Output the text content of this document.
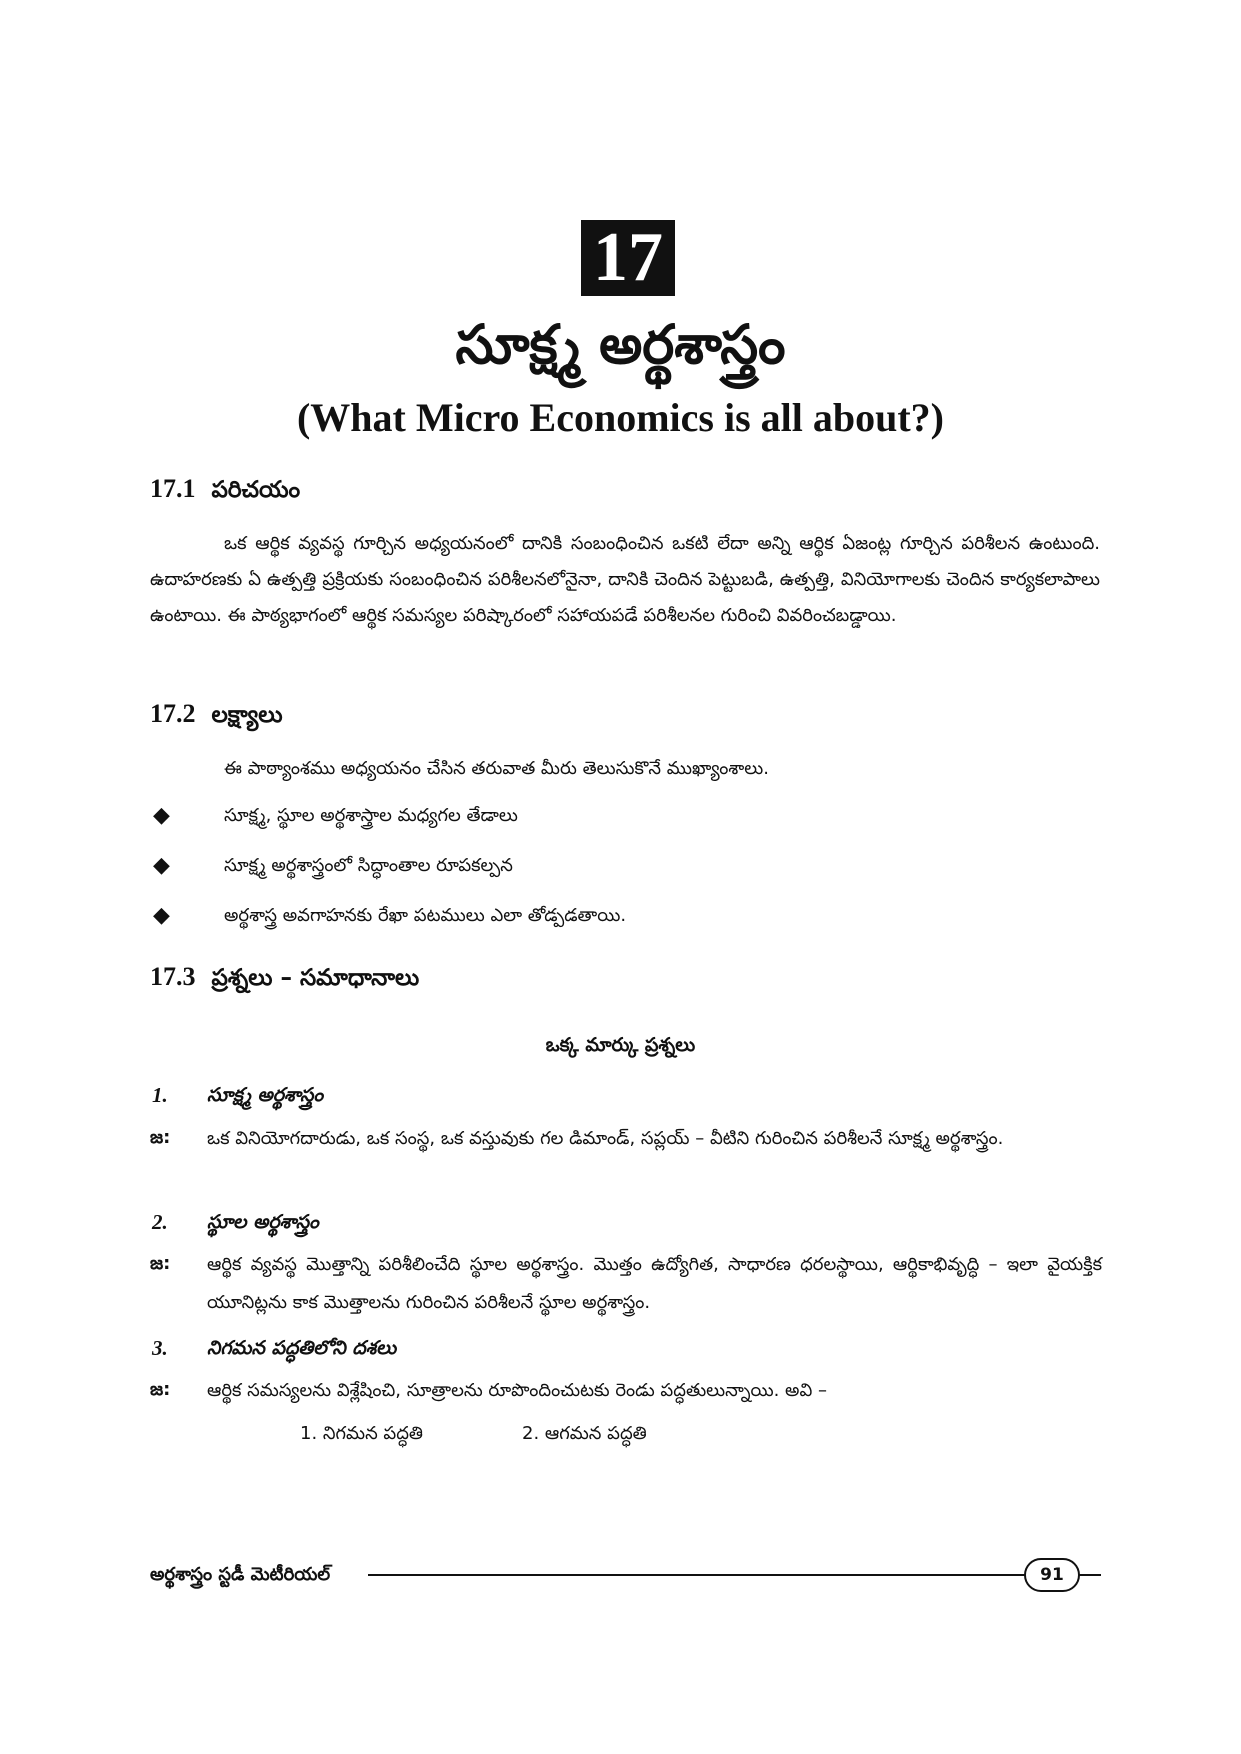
17
సూక్ష్మ అర్థశాస్త్రం
(What Micro Economics is all about?)
17.1 పరిచయం
ఒక ఆర్థిక వ్యవస్థ గూర్చిన అధ్యయనంలో దానికి సంబంధించిన ఒకటి లేదా అన్ని ఆర్థిక ఏజంట్ల గూర్చిన పరిశీలన ఉంటుంది. ఉదాహరణకు ఏ ఉత్పత్తి ప్రక్రియకు సంబంధించిన పరిశీలనలోనైనా, దానికి చెందిన పెట్టుబడి, ఉత్పత్తి, వినియోగాలకు చెందిన కార్యకలాపాలు ఉంటాయి. ఈ పాఠ్యభాగంలో ఆర్థిక సమస్యల పరిష్కారంలో సహాయపడే పరిశీలనల గురించి వివరించబడ్డాయి.
17.2 లక్ష్యాలు
ఈ పాఠ్యాంశము అధ్యయనం చేసిన తరువాత మీరు తెలుసుకొనే ముఖ్యాంశాలు.
◆	సూక్ష్మ, స్థూల అర్థశాస్త్రాల మధ్యగల తేడాలు
◆	సూక్ష్మ అర్థశాస్త్రంలో సిద్ధాంతాల రూపకల్పన
◆	అర్థశాస్త్ర అవగాహనకు రేఖా పటములు ఎలా తోడ్పడతాయి.
17.3 ప్రశ్నలు – సమాధానాలు
ఒక్క మార్కు ప్రశ్నలు
1. సూక్ష్మ అర్థశాస్త్రం
జ: ఒక వినియోగదారుడు, ఒక సంస్థ, ఒక వస్తువుకు గల డిమాండ్, సప్లయ్ – వీటిని గురించిన పరిశీలనే సూక్ష్మ అర్థశాస్త్రం.
2. స్థూల అర్థశాస్త్రం
జ: ఆర్థిక వ్యవస్థ మొత్తాన్ని పరిశీలించేది స్థూల అర్థశాస్త్రం. మొత్తం ఉద్యోగిత, సాధారణ ధరలస్థాయి, ఆర్థికాభివృద్ధి – ఇలా వైయక్తిక యూనిట్లను కాక మొత్తాలను గురించిన పరిశీలనే స్థూల అర్థశాస్త్రం.
3. నిగమన పద్ధతిలోని దశలు
జ: ఆర్థిక సమస్యలను విశ్లేషించి, సూత్రాలను రూపొందించుటకు రెండు పద్ధతులున్నాయి. అవి –
1. నిగమన పద్ధతి	2. ఆగమన పద్ధతి
అర్థశాస్త్రం స్టడీ మెటీరియల్	91
